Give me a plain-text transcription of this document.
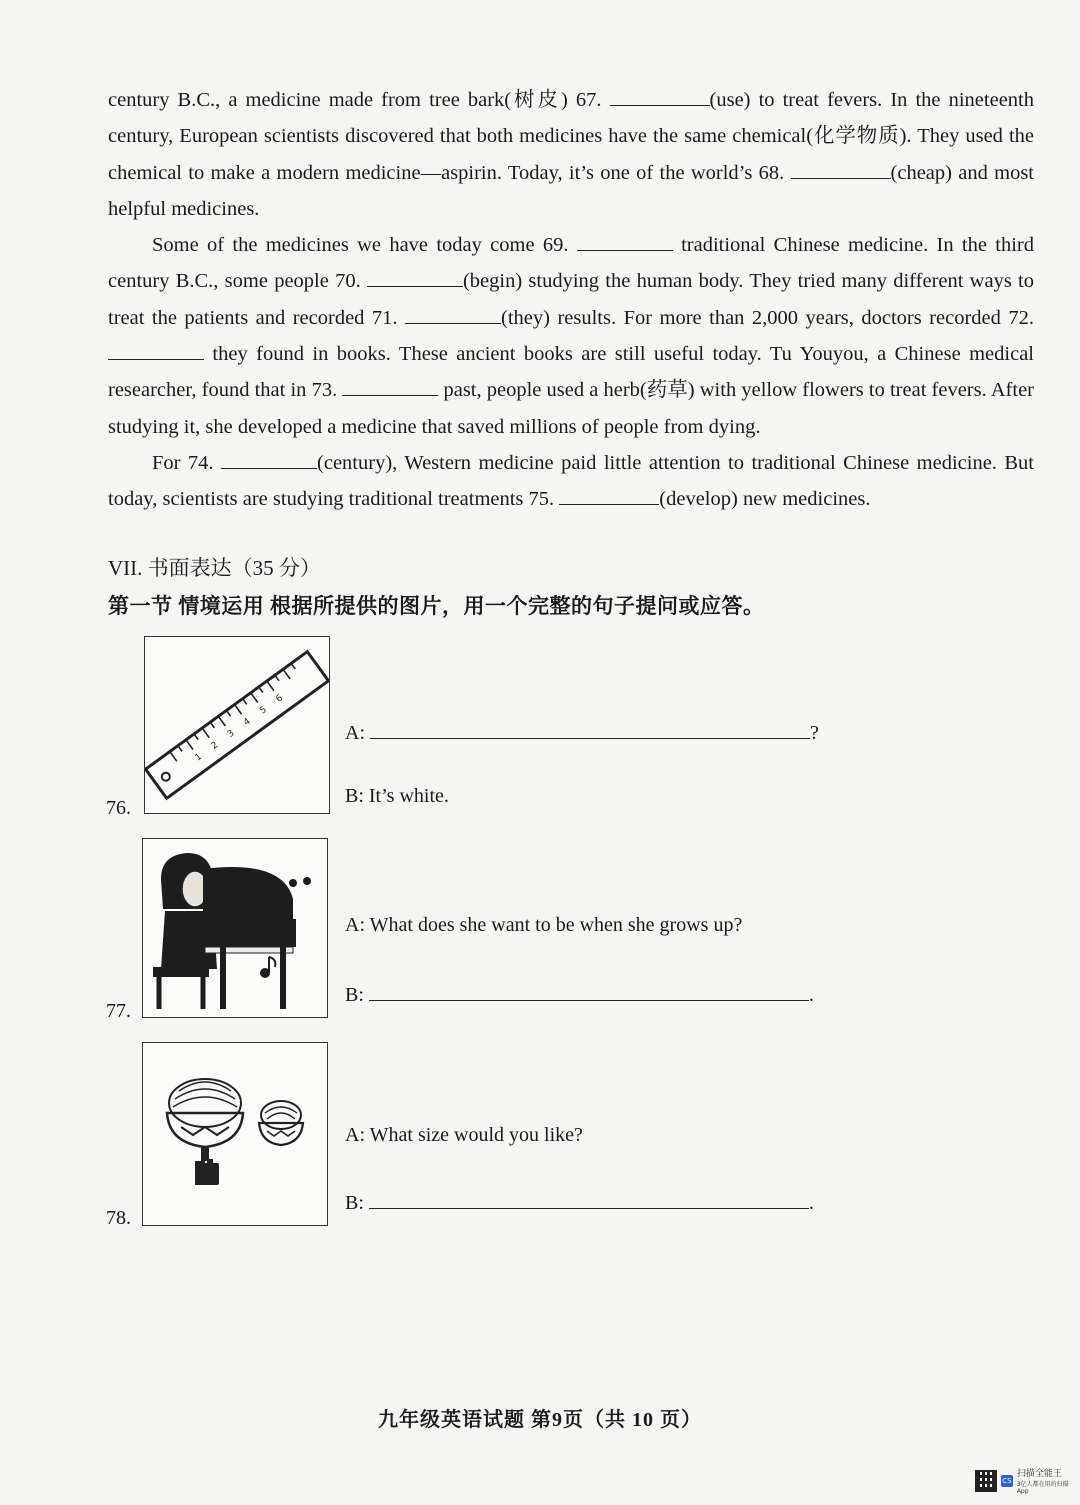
century B.C., a medicine made from tree bark(树皮) 67.	(use) to treat fevers. In the nineteenth century, European scientists discovered that both medicines have the same chemical(化学物质). They used the chemical to make a modern medicine—aspirin. Today, it’s one of the world’s 68.	(cheap) and most helpful medicines.

Some of the medicines we have today come 69.	traditional Chinese medicine. In the third century B.C., some people 70.	(begin) studying the human body. They tried many different ways to treat the patients and recorded 71.	(they) results. For more than 2,000 years, doctors recorded 72.  they found in books. These ancient books are still useful today. Tu Youyou, a Chinese medical researcher, found that in 73.	past, people used a herb(药草) with yellow flowers to treat fevers. After studying it, she developed a medicine that saved millions of people from dying.

For 74.	(century), Western medicine paid little attention to traditional Chinese medicine. But today, scientists are studying traditional treatments 75.	(develop) new medicines.

VII. 书面表达（35 分）
第一节 情境运用 根据所提供的图片，用一个完整的句子提问或应答。
1
2
3
4
5
6
76.
A:	?
B: It’s white.
77.
A: What does she want to be when she grows up?
B:	.
78.
A: What size would you like?
B:	.
九年级英语试题 第9页（共 10 页）
CS
扫描全能王
3亿人都在用的扫描App
